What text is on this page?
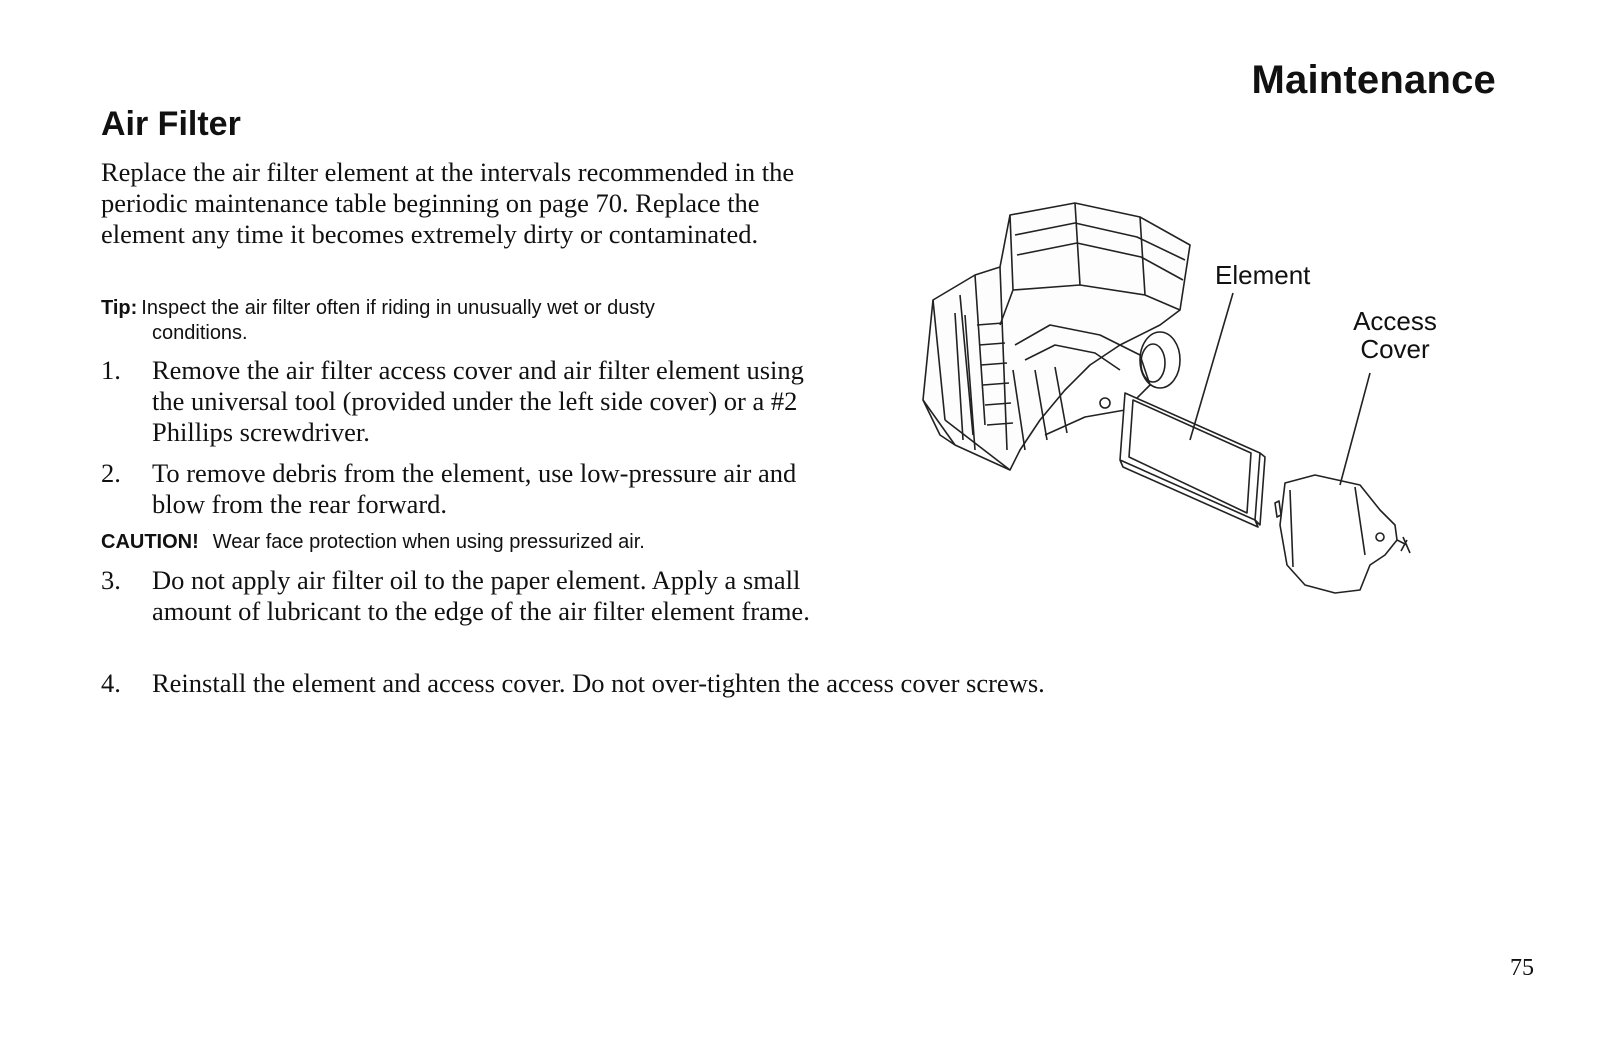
Maintenance
Air Filter
Replace the air filter element at the intervals recommended in the periodic maintenance table beginning on page 70. Replace the element any time it becomes extremely dirty or contaminated.
Tip: Inspect the air filter often if riding in unusually wet or dusty
conditions.
1.	Remove the air filter access cover and air filter element using the universal tool (provided under the left side cover) or a #2 Phillips screwdriver.
2.	To remove debris from the element, use low-pressure air and blow from the rear forward.
CAUTION! Wear face protection when using pressurized air.
3.	Do not apply air filter oil to the paper element. Apply a small amount of lubricant to the edge of the air filter element frame.
4.	Reinstall the element and access cover. Do not over-tighten the access cover screws.
Element
Access
Cover
75
